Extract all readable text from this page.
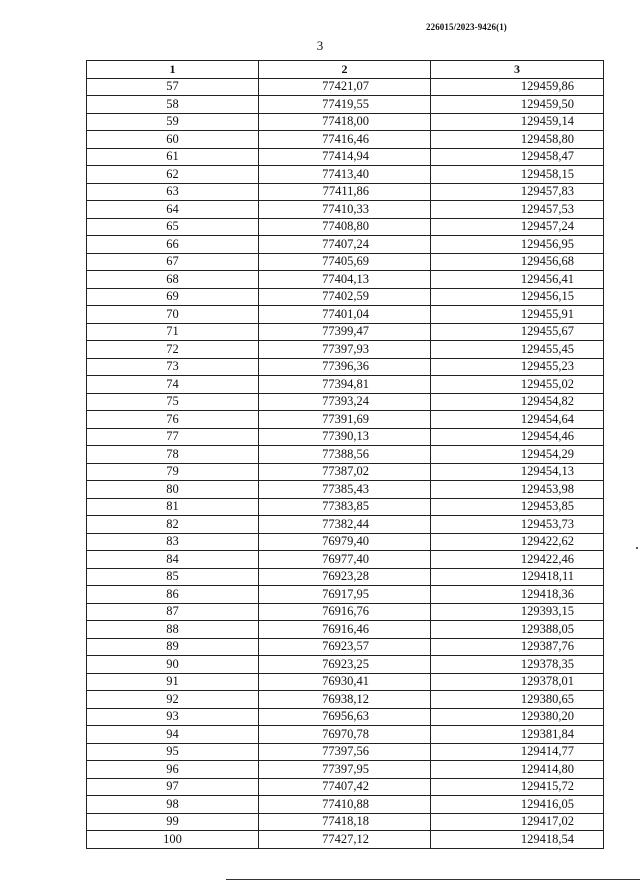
226015/2023-9426(1)
3
1	2	3
57	77421,07	129459,86
58	77419,55	129459,50
59	77418,00	129459,14
60	77416,46	129458,80
61	77414,94	129458,47
62	77413,40	129458,15
63	77411,86	129457,83
64	77410,33	129457,53
65	77408,80	129457,24
66	77407,24	129456,95
67	77405,69	129456,68
68	77404,13	129456,41
69	77402,59	129456,15
70	77401,04	129455,91
71	77399,47	129455,67
72	77397,93	129455,45
73	77396,36	129455,23
74	77394,81	129455,02
75	77393,24	129454,82
76	77391,69	129454,64
77	77390,13	129454,46
78	77388,56	129454,29
79	77387,02	129454,13
80	77385,43	129453,98
81	77383,85	129453,85
82	77382,44	129453,73
83	76979,40	129422,62
84	76977,40	129422,46
85	76923,28	129418,11
86	76917,95	129418,36
87	76916,76	129393,15
88	76916,46	129388,05
89	76923,57	129387,76
90	76923,25	129378,35
91	76930,41	129378,01
92	76938,12	129380,65
93	76956,63	129380,20
94	76970,78	129381,84
95	77397,56	129414,77
96	77397,95	129414,80
97	77407,42	129415,72
98	77410,88	129416,05
99	77418,18	129417,02
100	77427,12	129418,54
